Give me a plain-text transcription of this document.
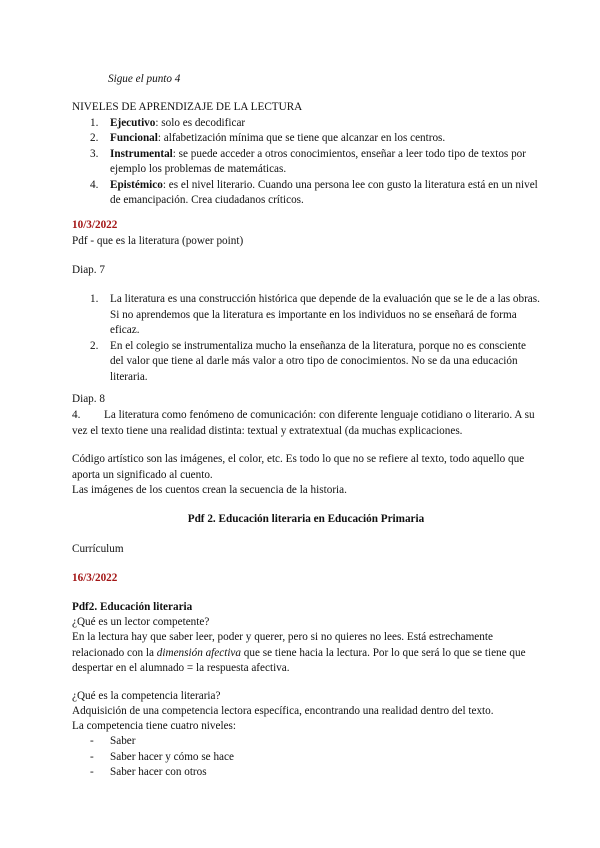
Sigue el punto 4
NIVELES DE APRENDIZAJE DE LA LECTURA
1. Ejecutivo: solo es decodificar
2. Funcional: alfabetización mínima que se tiene que alcanzar en los centros.
3. Instrumental: se puede acceder a otros conocimientos, enseñar a leer todo tipo de textos por ejemplo los problemas de matemáticas.
4. Epistémico: es el nivel literario. Cuando una persona lee con gusto la literatura está en un nivel de emancipación. Crea ciudadanos críticos.
10/3/2022
Pdf - que es la literatura (power point)
Diap. 7
1. La literatura es una construcción histórica que depende de la evaluación que se le de a las obras. Si no aprendemos que la literatura es importante en los individuos no se enseñará de forma eficaz.
2. En el colegio se instrumentaliza mucho la enseñanza de la literatura, porque no es consciente del valor que tiene al darle más valor a otro tipo de conocimientos. No se da una educación literaria.
Diap. 8
4. La literatura como fenómeno de comunicación: con diferente lenguaje cotidiano o literario. A su vez el texto tiene una realidad distinta: textual y extratextual (da muchas explicaciones.
Código artístico son las imágenes, el color, etc. Es todo lo que no se refiere al texto, todo aquello que aporta un significado al cuento.
Las imágenes de los cuentos crean la secuencia de la historia.
Pdf 2. Educación literaria en Educación Primaria
Currículum
16/3/2022
Pdf2. Educación literaria
¿Qué es un lector competente?
En la lectura hay que saber leer, poder y querer, pero si no quieres no lees. Está estrechamente relacionado con la dimensión afectiva que se tiene hacia la lectura. Por lo que será lo que se tiene que despertar en el alumnado = la respuesta afectiva.
¿Qué es la competencia literaria?
Adquisición de una competencia lectora específica, encontrando una realidad dentro del texto.
La competencia tiene cuatro niveles:
- Saber
- Saber hacer y cómo se hace
- Saber hacer con otros
